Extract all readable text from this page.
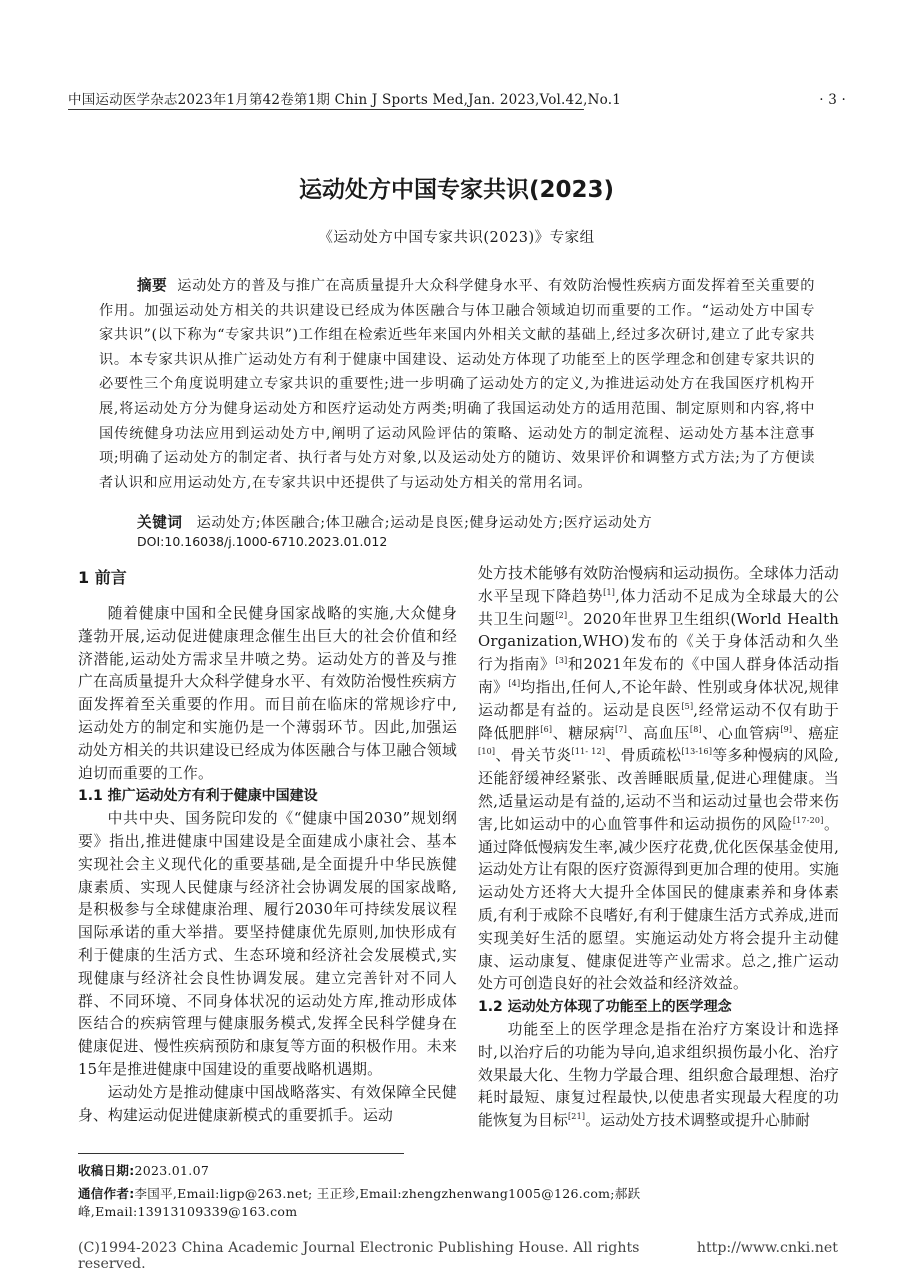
中国运动医学杂志2023年1月第42卷第1期 Chin J Sports Med,Jan. 2023,Vol.42,No.1	· 3 ·
运动处方中国专家共识(2023)
《运动处方中国专家共识(2023)》专家组
摘要 运动处方的普及与推广在高质量提升大众科学健身水平、有效防治慢性疾病方面发挥着至关重要的作用。加强运动处方相关的共识建设已经成为体医融合与体卫融合领域迫切而重要的工作。“运动处方中国专家共识”(以下称为“专家共识”)工作组在检索近些年来国内外相关文献的基础上,经过多次研讨,建立了此专家共识。本专家共识从推广运动处方有利于健康中国建设、运动处方体现了功能至上的医学理念和创建专家共识的必要性三个角度说明建立专家共识的重要性;进一步明确了运动处方的定义,为推进运动处方在我国医疗机构开展,将运动处方分为健身运动处方和医疗运动处方两类;明确了我国运动处方的适用范围、制定原则和内容,将中国传统健身功法应用到运动处方中,阐明了运动风险评估的策略、运动处方的制定流程、运动处方基本注意事项;明确了运动处方的制定者、执行者与处方对象,以及运动处方的随访、效果评价和调整方式方法;为了方便读者认识和应用运动处方,在专家共识中还提供了与运动处方相关的常用名词。
关键词 运动处方;体医融合;体卫融合;运动是良医;健身运动处方;医疗运动处方
DOI:10.16038/j.1000-6710.2023.01.012
1 前言

随着健康中国和全民健身国家战略的实施,大众健身蓬勃开展,运动促进健康理念催生出巨大的社会价值和经济潜能,运动处方需求呈井喷之势。运动处方的普及与推广在高质量提升大众科学健身水平、有效防治慢性疾病方面发挥着至关重要的作用。而目前在临床的常规诊疗中,运动处方的制定和实施仍是一个薄弱环节。因此,加强运动处方相关的共识建设已经成为体医融合与体卫融合领域迫切而重要的工作。

1.1 推广运动处方有利于健康中国建设

中共中央、国务院印发的《“健康中国2030”规划纲要》指出,推进健康中国建设是全面建成小康社会、基本实现社会主义现代化的重要基础,是全面提升中华民族健康素质、实现人民健康与经济社会协调发展的国家战略,是积极参与全球健康治理、履行2030年可持续发展议程国际承诺的重大举措。要坚持健康优先原则,加快形成有利于健康的生活方式、生态环境和经济社会发展模式,实现健康与经济社会良性协调发展。建立完善针对不同人群、不同环境、不同身体状况的运动处方库,推动形成体医结合的疾病管理与健康服务模式,发挥全民科学健身在健康促进、慢性疾病预防和康复等方面的积极作用。未来15年是推进健康中国建设的重要战略机遇期。

运动处方是推动健康中国战略落实、有效保障全民健身、构建运动促进健康新模式的重要抓手。运动

处方技术能够有效防治慢病和运动损伤。全球体力活动水平呈现下降趋势[1],体力活动不足成为全球最大的公共卫生问题[2]。2020年世界卫生组织(World Health Organization,WHO)发布的《关于身体活动和久坐行为指南》[3]和2021年发布的《中国人群身体活动指南》[4]均指出,任何人,不论年龄、性别或身体状况,规律运动都是有益的。运动是良医[5],经常运动不仅有助于降低肥胖[6]、糖尿病[7]、高血压[8]、心血管病[9]、癌症[10]、骨关节炎[11- 12]、骨质疏松[13-16]等多种慢病的风险,还能舒缓神经紧张、改善睡眠质量,促进心理健康。当然,适量运动是有益的,运动不当和运动过量也会带来伤害,比如运动中的心血管事件和运动损伤的风险[17-20]。通过降低慢病发生率,减少医疗花费,优化医保基金使用,运动处方让有限的医疗资源得到更加合理的使用。实施运动处方还将大大提升全体国民的健康素养和身体素质,有利于戒除不良嗜好,有利于健康生活方式养成,进而实现美好生活的愿望。实施运动处方将会提升主动健康、运动康复、健康促进等产业需求。总之,推广运动处方可创造良好的社会效益和经济效益。

1.2 运动处方体现了功能至上的医学理念

功能至上的医学理念是指在治疗方案设计和选择时,以治疗后的功能为导向,追求组织损伤最小化、治疗效果最大化、生物力学最合理、组织愈合最理想、治疗耗时最短、康复过程最快,以使患者实现最大程度的功能恢复为目标[21]。运动处方技术调整或提升心肺耐

收稿日期:2023.01.07
通信作者:李国平,Email:ligp@263.net; 王正珍,Email:zhengzhenwang1005@126.com;郝跃峰,Email:13913109339@163.com
(C)1994-2023 China Academic Journal Electronic Publishing House. All rights reserved.
http://www.cnki.net
